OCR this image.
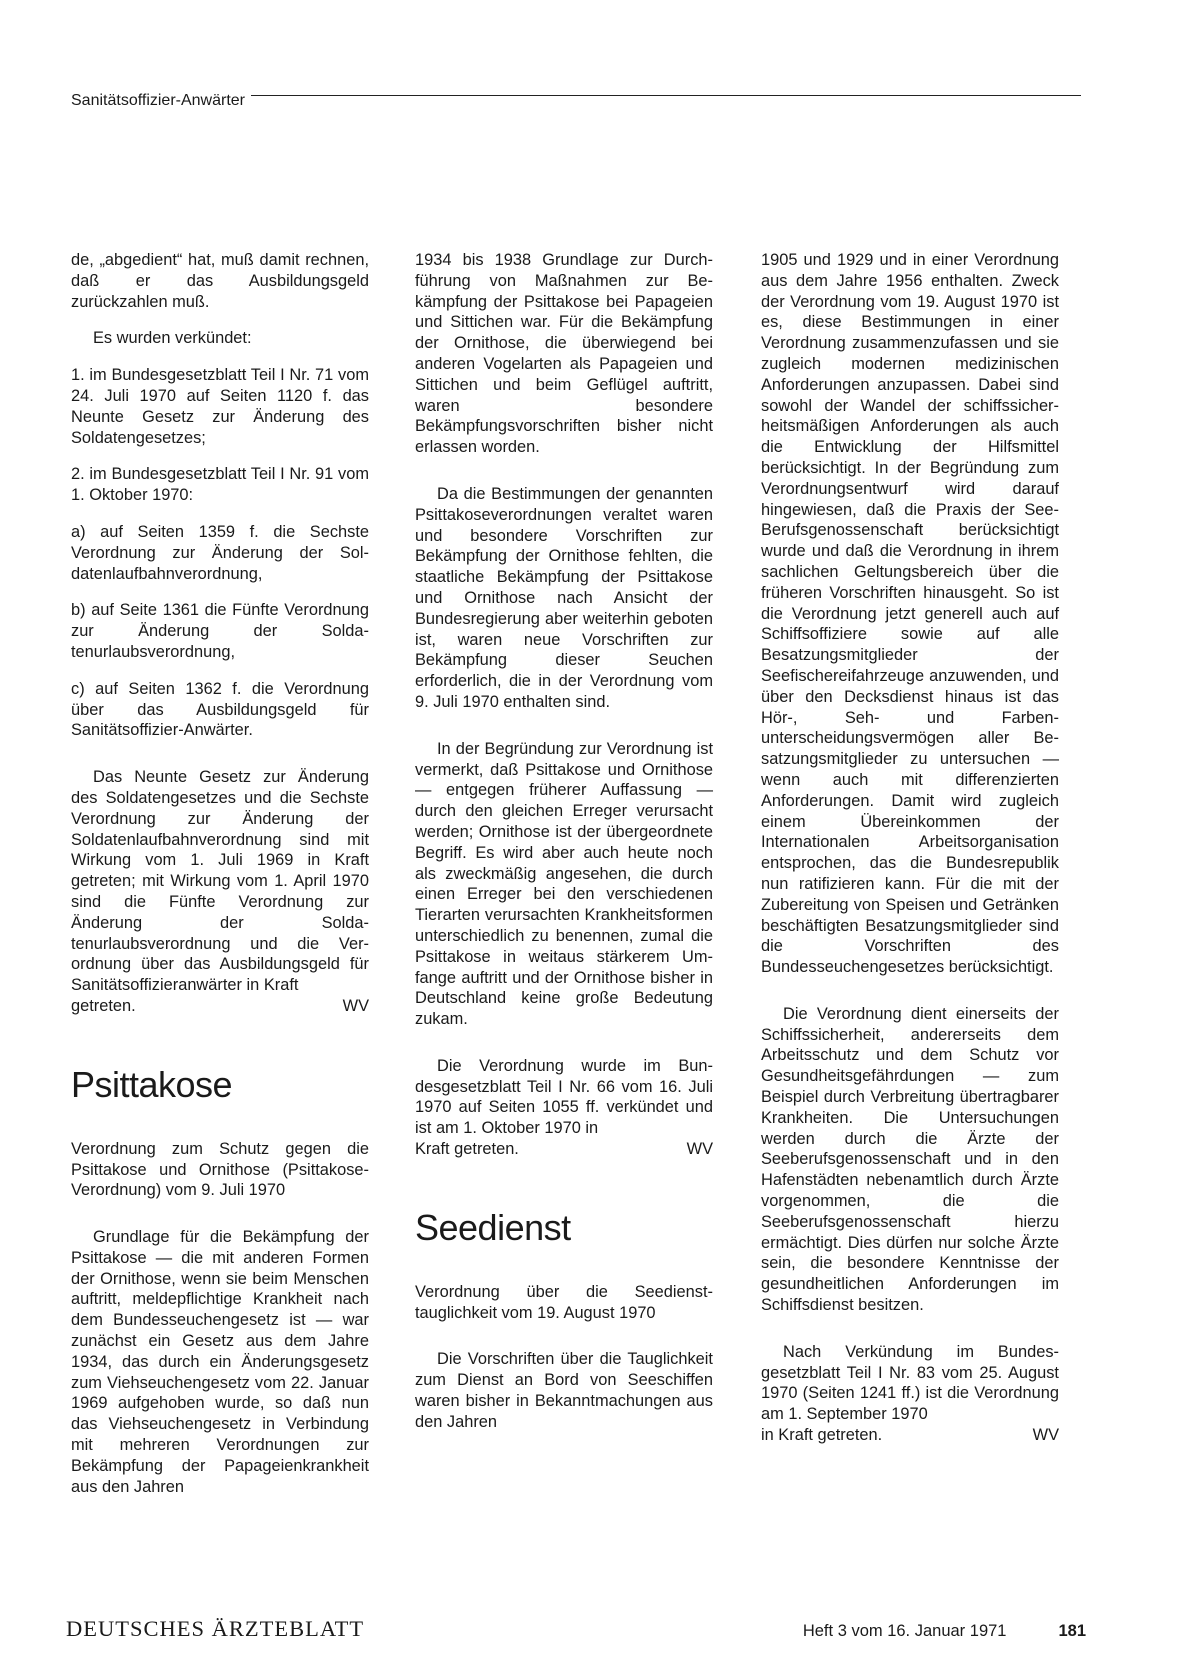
Sanitätsoffizier-Anwärter

de, „abgedient“ hat, muß damit rechnen, daß er das Ausbildungsgeld zurückzahlen muß.

Es wurden verkündet:

1. im Bundesgesetzblatt Teil I Nr. 71 vom 24. Juli 1970 auf Seiten 1120 f. das Neunte Gesetz zur Änderung des Soldatengesetzes;

2. im Bundesgesetzblatt Teil I Nr. 91 vom 1. Oktober 1970:

a) auf Seiten 1359 f. die Sechste Verordnung zur Änderung der Soldatenlaufbahnverordnung,

b) auf Seite 1361 die Fünfte Verordnung zur Änderung der Soldatenurlaubsverordnung,

c) auf Seiten 1362 f. die Verordnung über das Ausbildungsgeld für Sanitätsoffizier-Anwärter.

Das Neunte Gesetz zur Änderung des Soldatengesetzes und die Sechste Verordnung zur Änderung der Soldatenlaufbahnverordnung sind mit Wirkung vom 1. Juli 1969 in Kraft getreten; mit Wirkung vom 1. April 1970 sind die Fünfte Verordnung zur Änderung der Soldatenurlaubsverordnung und die Verordnung über das Ausbildungsgeld für Sanitätsoffizieranwärter in Kraft

getreten.	WV

Psittakose

Verordnung zum Schutz gegen die Psittakose und Ornithose (Psittakose-Verordnung) vom 9. Juli 1970

Grundlage für die Bekämpfung der Psittakose — die mit anderen Formen der Ornithose, wenn sie beim Menschen auftritt, meldepflichtige Krankheit nach dem Bundesseuchengesetz ist — war zunächst ein Gesetz aus dem Jahre 1934, das durch ein Änderungsgesetz zum Viehseuchengesetz vom 22. Januar 1969 aufgehoben wurde, so daß nun das Viehseuchengesetz in Verbindung mit mehreren Verordnungen zur Bekämpfung der Papageienkrankheit aus den Jahren

1934 bis 1938 Grundlage zur Durchführung von Maßnahmen zur Bekämpfung der Psittakose bei Papageien und Sittichen war. Für die Bekämpfung der Ornithose, die überwiegend bei anderen Vogelarten als Papageien und Sittichen und beim Geflügel auftritt, waren besondere Bekämpfungsvorschriften bisher nicht erlassen worden.

Da die Bestimmungen der genannten Psittakoseverordnungen veraltet waren und besondere Vorschriften zur Bekämpfung der Ornithose fehlten, die staatliche Bekämpfung der Psittakose und Ornithose nach Ansicht der Bundesregierung aber weiterhin geboten ist, waren neue Vorschriften zur Bekämpfung dieser Seuchen erforderlich, die in der Verordnung vom 9. Juli 1970 enthalten sind.

In der Begründung zur Verordnung ist vermerkt, daß Psittakose und Ornithose — entgegen früherer Auffassung — durch den gleichen Erreger verursacht werden; Ornithose ist der übergeordnete Begriff. Es wird aber auch heute noch als zweckmäßig angesehen, die durch einen Erreger bei den verschiedenen Tierarten verursachten Krankheitsformen unterschiedlich zu benennen, zumal die Psittakose in weitaus stärkerem Umfange auftritt und der Ornithose bisher in Deutschland keine große Bedeutung zukam.

Die Verordnung wurde im Bundesgesetzblatt Teil I Nr. 66 vom 16. Juli 1970 auf Seiten 1055 ff. verkündet und ist am 1. Oktober 1970 in

Kraft getreten.	WV

Seedienst

Verordnung über die Seediensttauglichkeit vom 19. August 1970

Die Vorschriften über die Tauglichkeit zum Dienst an Bord von Seeschiffen waren bisher in Bekanntmachungen aus den Jahren

1905 und 1929 und in einer Verordnung aus dem Jahre 1956 enthalten. Zweck der Verordnung vom 19. August 1970 ist es, diese Bestimmungen in einer Verordnung zusammenzufassen und sie zugleich modernen medizinischen Anforderungen anzupassen. Dabei sind sowohl der Wandel der schiffssicherheitsmäßigen Anforderungen als auch die Entwicklung der Hilfsmittel berücksichtigt. In der Begründung zum Verordnungsentwurf wird darauf hingewiesen, daß die Praxis der See-Berufsgenossenschaft berücksichtigt wurde und daß die Verordnung in ihrem sachlichen Geltungsbereich über die früheren Vorschriften hinausgeht. So ist die Verordnung jetzt generell auch auf Schiffsoffiziere sowie auf alle Besatzungsmitglieder der Seefischereifahrzeuge anzuwenden, und über den Decksdienst hinaus ist das Hör-, Seh- und Farbenunterscheidungsvermögen aller Besatzungsmitglieder zu untersuchen — wenn auch mit differenzierten Anforderungen. Damit wird zugleich einem Übereinkommen der Internationalen Arbeitsorganisation entsprochen, das die Bundesrepublik nun ratifizieren kann. Für die mit der Zubereitung von Speisen und Getränken beschäftigten Besatzungsmitglieder sind die Vorschriften des Bundesseuchengesetzes berücksichtigt.

Die Verordnung dient einerseits der Schiffssicherheit, andererseits dem Arbeitsschutz und dem Schutz vor Gesundheitsgefährdungen — zum Beispiel durch Verbreitung übertragbarer Krankheiten. Die Untersuchungen werden durch die Ärzte der Seeberufsgenossenschaft und in den Hafenstädten nebenamtlich durch Ärzte vorgenommen, die die Seeberufsgenossenschaft hierzu ermächtigt. Dies dürfen nur solche Ärzte sein, die besondere Kenntnisse der gesundheitlichen Anforderungen im Schiffsdienst besitzen.

Nach Verkündung im Bundesgesetzblatt Teil I Nr. 83 vom 25. August 1970 (Seiten 1241 ff.) ist die Verordnung am 1. September 1970

in Kraft getreten.	WV

DEUTSCHES ÄRZTEBLATT	Heft 3 vom 16. Januar 1971	181
